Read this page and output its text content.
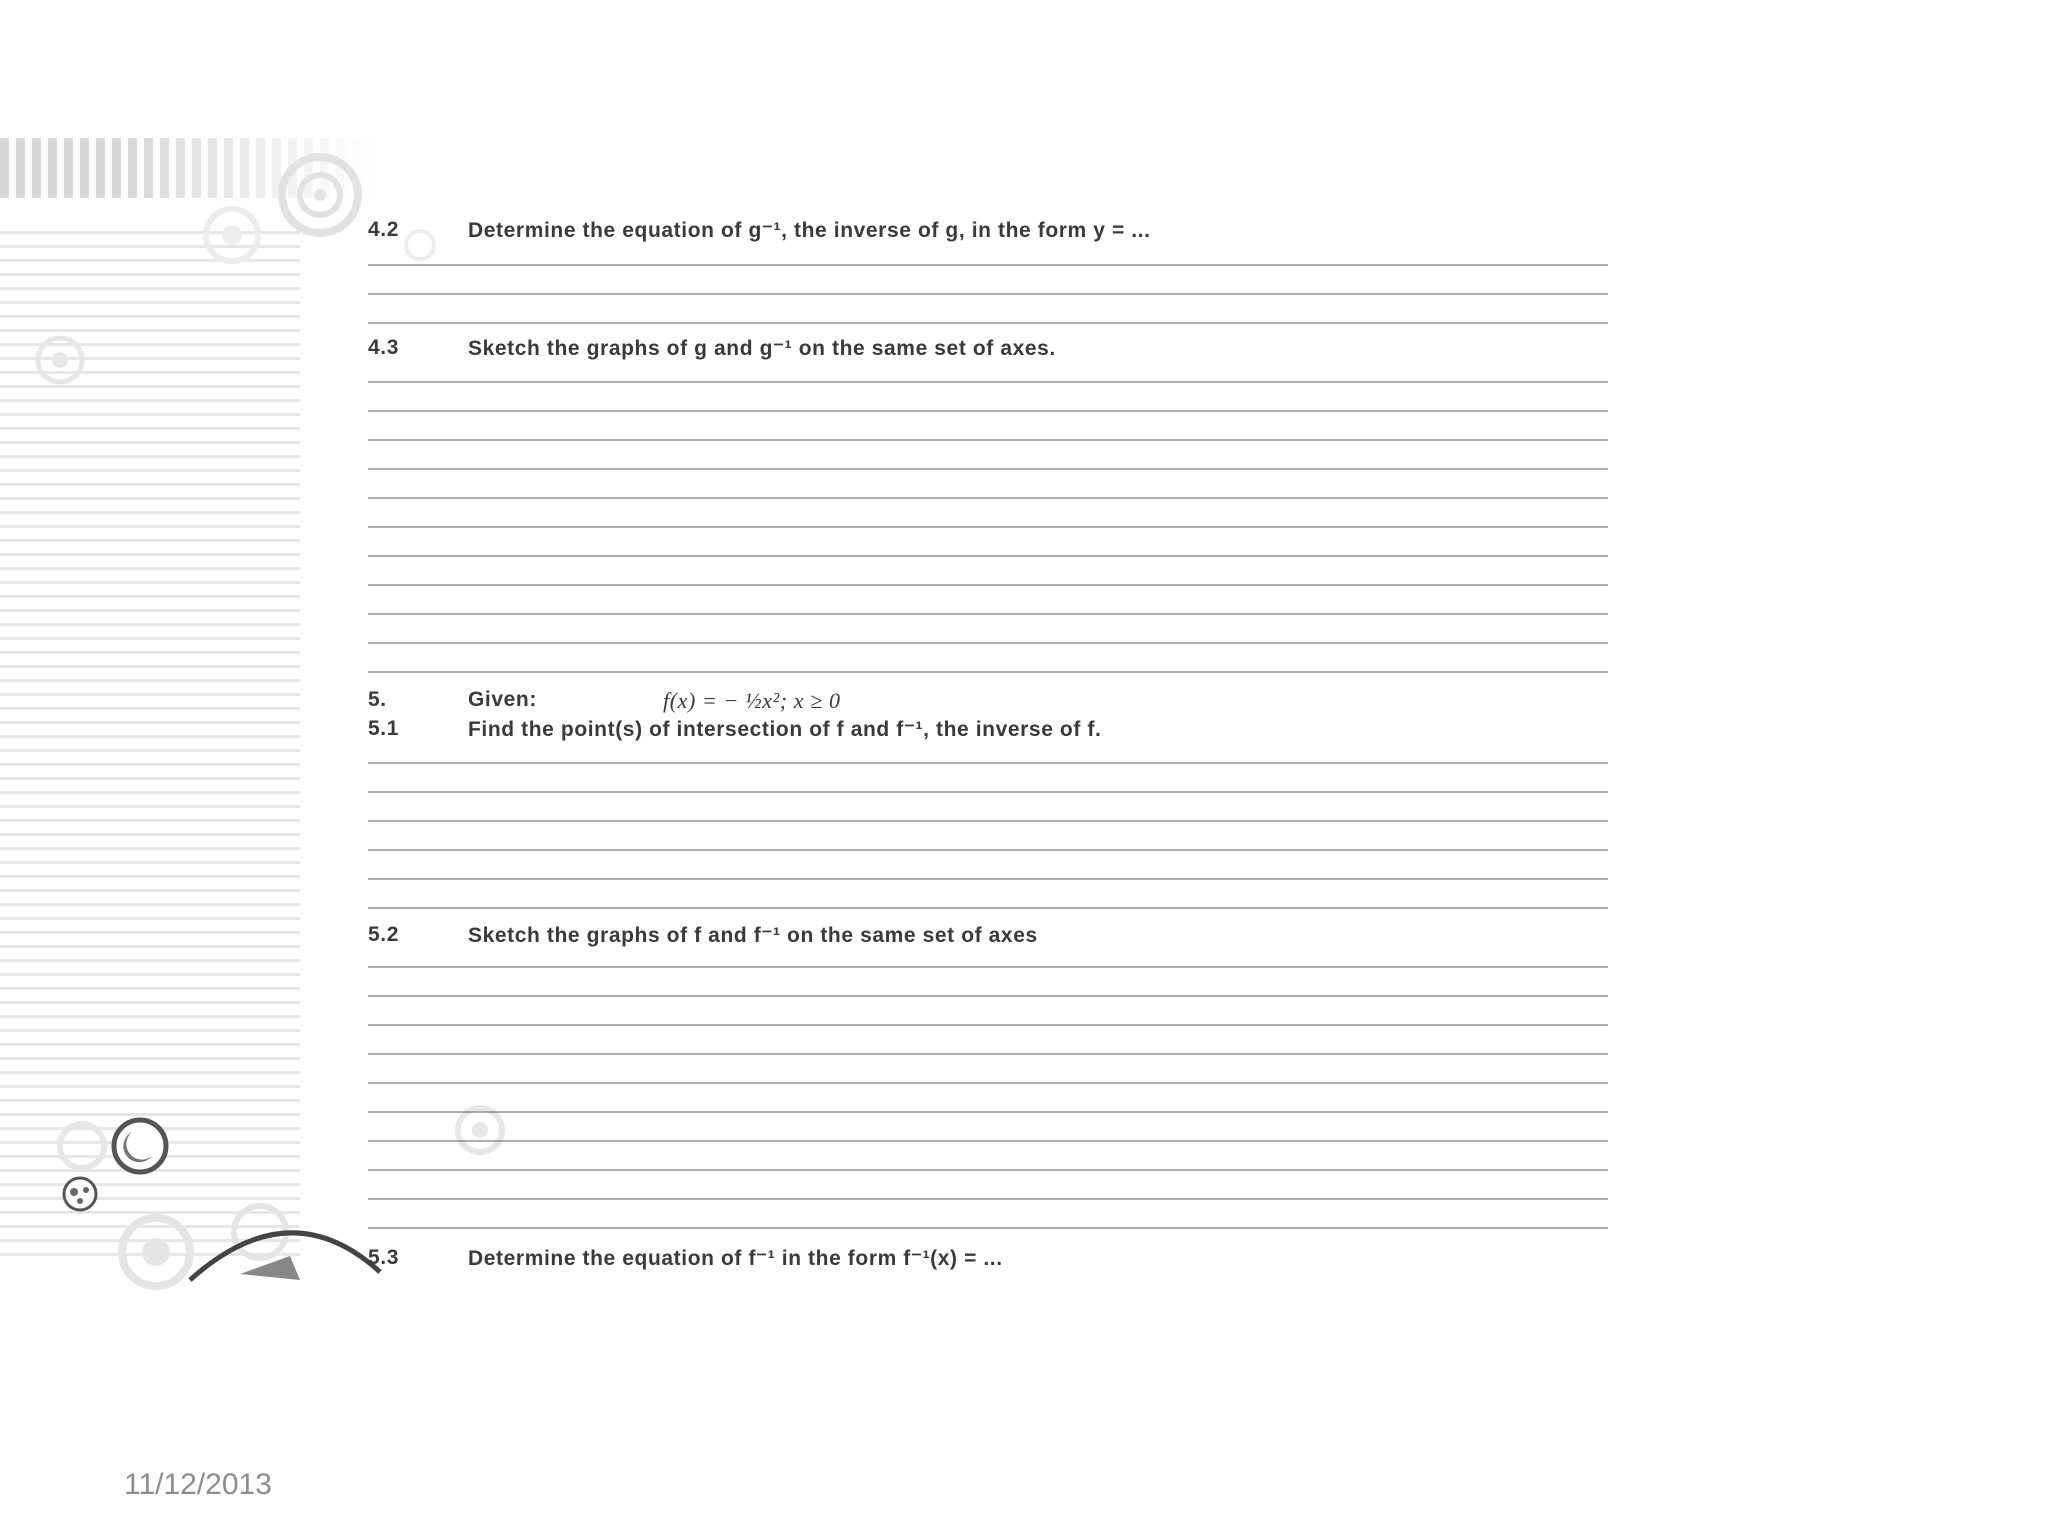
4.2	Determine the equation of g⁻¹, the inverse of g, in the form y = ...
4.3	Sketch the graphs of g and g⁻¹ on the same set of axes.
5.	Given:	f(x) = − ½x²; x ≥ 0
5.1	Find the point(s) of intersection of f and f⁻¹, the inverse of f.
5.2	Sketch the graphs of f and f⁻¹ on the same set of axes
5.3	Determine the equation of f⁻¹ in the form f⁻¹(x) = ...
11/12/2013
